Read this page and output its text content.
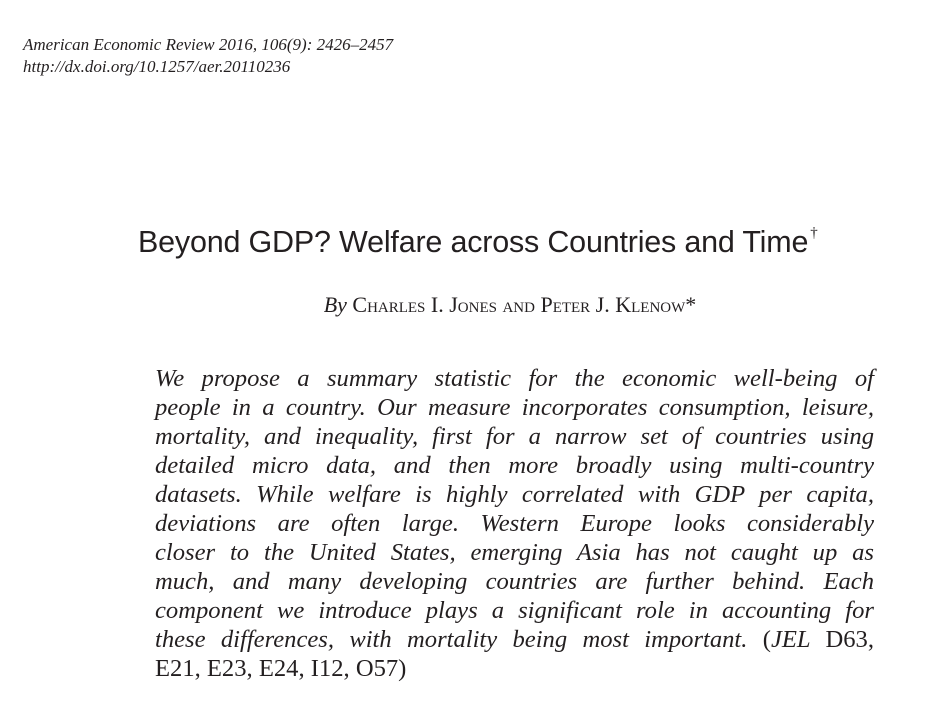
American Economic Review 2016, 106(9): 2426–2457
http://dx.doi.org/10.1257/aer.20110236
Beyond GDP? Welfare across Countries and Time †
By Charles I. Jones and Peter J. Klenow*
We propose a summary statistic for the economic well-being of
people in a country. Our measure incorporates consumption, leisure,
mortality, and inequality, first for a narrow set of countries using
detailed micro data, and then more broadly using multi-country
datasets. While welfare is highly correlated with GDP per capita,
deviations are often large. Western Europe looks considerably
closer to the United States, emerging Asia has not caught up as
much, and many developing countries are further behind. Each
component we introduce plays a significant role in accounting for
these differences, with mortality being most important. (JEL D63,
E21, E23, E24, I12, O57)
